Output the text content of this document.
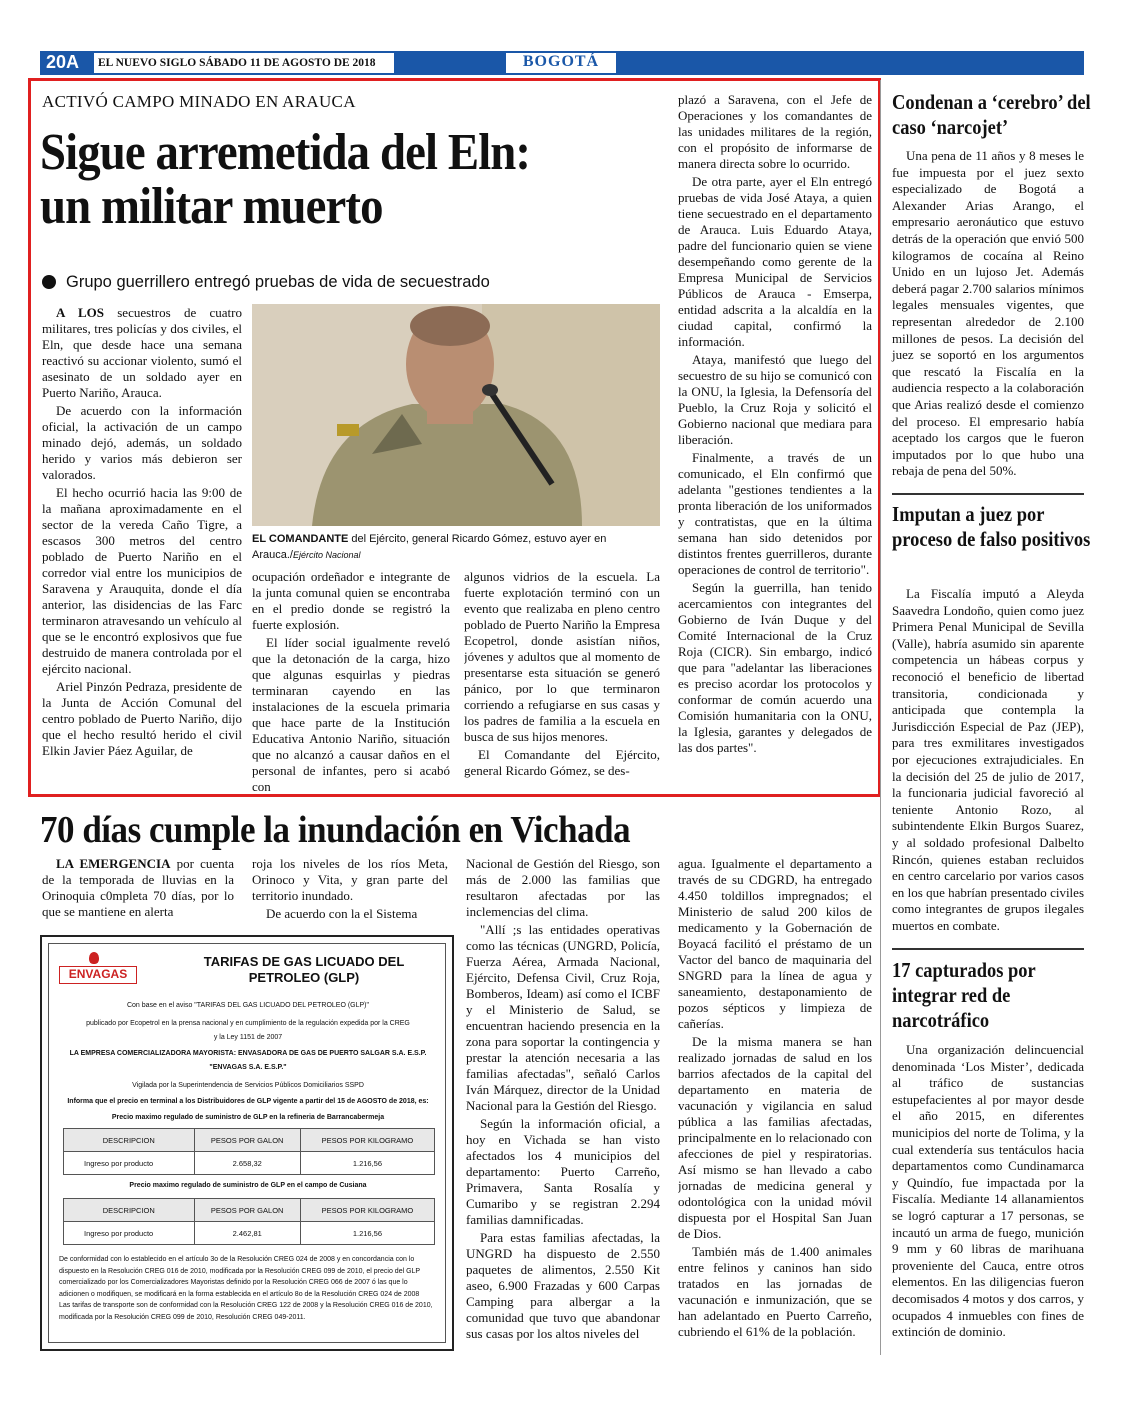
20A EL NUEVO SIGLO SÁBADO 11 DE AGOSTO DE 2018	BOGOTÁ
ACTIVÓ CAMPO MINADO EN ARAUCA
Sigue arremetida del Eln:
un militar muerto
Grupo guerrillero entregó pruebas de vida de secuestrado

A LOS secuestros de cuatro militares, tres policías y dos civiles, el Eln, que desde hace una semana reactivó su accionar violento, sumó el asesinato de un soldado ayer en Puerto Nariño, Arauca.

De acuerdo con la información oficial, la activación de un campo minado dejó, además, un soldado herido y varios más debieron ser valorados.

El hecho ocurrió hacia las 9:00 de la mañana aproximadamente en el sector de la vereda Caño Tigre, a escasos 300 metros del centro poblado de Puerto Nariño en el corredor vial entre los municipios de Saravena y Arauquita, donde el día anterior, las disidencias de las Farc terminaron atravesando un vehículo al que se le encontró explosivos que fue destruido de manera controlada por el ejército nacional.

Ariel Pinzón Pedraza, presidente de la Junta de Acción Comunal del centro poblado de Puerto Nariño, dijo que el hecho resultó herido el civil Elkin Javier Páez Aguilar, de

EL COMANDANTE del Ejército, general Ricardo Gómez, estuvo ayer en Arauca./Ejército Nacional

ocupación ordeñador e integrante de la junta comunal quien se encontraba en el predio donde se registró la fuerte explosión.

El líder social igualmente reveló que la detonación de la carga, hizo que algunas esquirlas y piedras terminaran cayendo en las instalaciones de la escuela primaria que hace parte de la Institución Educativa Antonio Nariño, situación que no alcanzó a causar daños en el personal de infantes, pero si acabó con

algunos vidrios de la escuela. La fuerte explotación terminó con un evento que realizaba en pleno centro poblado de Puerto Nariño la Empresa Ecopetrol, donde asistían niños, jóvenes y adultos que al momento de presentarse esta situación se generó pánico, por lo que terminaron corriendo a refugiarse en sus casas y los padres de familia a la escuela en busca de sus hijos menores.

El Comandante del Ejército, general Ricardo Gómez, se des-

plazó a Saravena, con el Jefe de Operaciones y los comandantes de las unidades militares de la región, con el propósito de informarse de manera directa sobre lo ocurrido.

De otra parte, ayer el Eln entregó pruebas de vida José Ataya, a quien tiene secuestrado en el departamento de Arauca. Luis Eduardo Ataya, padre del funcionario quien se viene desempeñando como gerente de la Empresa Municipal de Servicios Públicos de Arauca - Emserpa, entidad adscrita a la alcaldía en la ciudad capital, confirmó la información.

Ataya, manifestó que luego del secuestro de su hijo se comunicó con la ONU, la Iglesia, la Defensoría del Pueblo, la Cruz Roja y solicitó el Gobierno nacional que mediara para liberación.

Finalmente, a través de un comunicado, el Eln confirmó que adelanta "gestiones tendientes a la pronta liberación de los uniformados y contratistas, que en la última semana han sido detenidos por distintos frentes guerrilleros, durante operaciones de control de territorio".

Según la guerrilla, han tenido acercamientos con integrantes del Gobierno de Iván Duque y del Comité Internacional de la Cruz Roja (CICR). Sin embargo, indicó que para "adelantar las liberaciones es preciso acordar los protocolos y conformar de común acuerdo una Comisión humanitaria con la ONU, la Iglesia, garantes y delegados de las dos partes".

70 días cumple la inundación en Vichada

LA EMERGENCIA por cuenta de la temporada de lluvias en la Orinoquia c0mpleta 70 días, por lo que se mantiene en alerta

roja los niveles de los ríos Meta, Orinoco y Vita, y gran parte del territorio inundado.

De acuerdo con la el Sistema

Nacional de Gestión del Riesgo, son más de 2.000 las familias que resultaron afectadas por las inclemencias del clima.

"Allí ;s las entidades operativas como las técnicas (UNGRD, Policía, Fuerza Aérea, Armada Nacional, Ejército, Defensa Civil, Cruz Roja, Bomberos, Ideam) así como el ICBF y el Ministerio de Salud, se encuentran haciendo presencia en la zona para soportar la contingencia y prestar la atención necesaria a las familias afectadas", señaló Carlos Iván Márquez, director de la Unidad Nacional para la Gestión del Riesgo.

Según la información oficial, a hoy en Vichada se han visto afectados los 4 municipios del departamento: Puerto Carreño, Primavera, Santa Rosalía y Cumaribo y se registran 2.294 familias damnificadas.

Para estas familias afectadas, la UNGRD ha dispuesto de 2.550 paquetes de alimentos, 2.550 Kit aseo, 6.900 Frazadas y 600 Carpas Camping para albergar a la comunidad que tuvo que abandonar sus casas por los altos niveles del

agua. Igualmente el departamento a través de su CDGRD, ha entregado 4.450 toldillos impregnados; el Ministerio de salud 200 kilos de medicamento y la Gobernación de Boyacá facilitó el préstamo de un Vactor del banco de maquinaria del SNGRD para la línea de agua y saneamiento, destaponamiento de pozos sépticos y limpieza de cañerías.

De la misma manera se han realizado jornadas de salud en los barrios afectados de la capital del departamento en materia de vacunación y vigilancia en salud pública a las familias afectadas, principalmente en lo relacionado con afecciones de piel y respiratorias. Así mismo se han llevado a cabo jornadas de medicina general y odontológica con la unidad móvil dispuesta por el Hospital San Juan de Dios.

También más de 1.400 animales entre felinos y caninos han sido tratados en las jornadas de vacunación e inmunización, que se han adelantado en Puerto Carreño, cubriendo el 61% de la población.

ENVAGAS
TARIFAS DE GAS LICUADO DEL PETROLEO (GLP)
Con base en el aviso "TARIFAS DEL GAS LICUADO DEL PETROLEO (GLP)"
publicado por Ecopetrol en la prensa nacional y en cumplimiento de la regulación expedida por la CREG
y la Ley 1151 de 2007
LA EMPRESA COMERCIALIZADORA MAYORISTA: ENVASADORA DE GAS DE PUERTO SALGAR S.A. E.S.P.
"ENVAGAS S.A. E.S.P."
Vigilada por la Superintendencia de Servicios Públicos Domiciliarios SSPD
Informa que el precio en terminal a los Distribuidores de GLP vigente a partir del 15 de AGOSTO de 2018, es:
Precio maximo regulado de suministro de GLP en la refineria de Barrancabermeja
DESCRIPCION	PESOS POR GALON	PESOS POR KILOGRAMO
Ingreso por producto	2.658,32	1.216,56
Precio maximo regulado de suministro de GLP en el campo de Cusiana
DESCRIPCION	PESOS POR GALON	PESOS POR KILOGRAMO
Ingreso por producto	2.462,81	1.216,56
De conformidad con lo establecido en el artículo 3o de la Resolución CREG 024 de 2008 y en concordancia con lo dispuesto en la Resolución CREG 016 de 2010, modificada por la Resolución CREG 099 de 2010, el precio del GLP comercializado por los Comercializadores Mayoristas definido por la Resolución CREG 066 de 2007 ó las que lo adicionen o modifiquen, se modificará en la forma establecida en el artículo 8o de la Resolución CREG 024 de 2008
Las tarifas de transporte son de conformidad con la Resolución CREG 122 de 2008 y la Resolución CREG 016 de 2010, modificada por la Resolución CREG 099 de 2010, Resolución CREG 049-2011.
Condenan a ‘cerebro’ del caso ‘narcojet’

Una pena de 11 años y 8 meses le fue impuesta por el juez sexto especializado de Bogotá a Alexander Arias Arango, el empresario aeronáutico que estuvo detrás de la operación que envió 500 kilogramos de cocaína al Reino Unido en un lujoso Jet. Además deberá pagar 2.700 salarios mínimos legales mensuales vigentes, que representan alrededor de 2.100 millones de pesos. La decisión del juez se soportó en los argumentos que rescató la Fiscalía en la audiencia respecto a la colaboración que Arias realizó desde el comienzo del proceso. El empresario había aceptado los cargos que le fueron imputados por lo que hubo una rebaja de pena del 50%.

Imputan a juez por proceso de falso positivos

La Fiscalía imputó a Aleyda Saavedra Londoño, quien como juez Primera Penal Municipal de Sevilla (Valle), habría asumido sin aparente competencia un hábeas corpus y reconoció el beneficio de libertad transitoria, condicionada y anticipada que contempla la Jurisdicción Especial de Paz (JEP), para tres exmilitares investigados por ejecuciones extrajudiciales. En la decisión del 25 de julio de 2017, la funcionaria judicial favoreció al teniente Antonio Rozo, al subintendente Elkin Burgos Suarez, y al soldado profesional Dalbelto Rincón, quienes estaban recluidos en centro carcelario por varios casos en los que habrían presentado civiles como integrantes de grupos ilegales muertos en combate.

17 capturados por integrar red de narcotráfico

Una organización delincuencial denominada ‘Los Mister’, dedicada al tráfico de sustancias estupefacientes al por mayor desde el año 2015, en diferentes municipios del norte de Tolima, y la cual extendería sus tentáculos hacia departamentos como Cundinamarca y Quindío, fue impactada por la Fiscalía. Mediante 14 allanamientos se logró capturar a 17 personas, se incautó un arma de fuego, munición 9 mm y 60 libras de marihuana proveniente del Cauca, entre otros elementos. En las diligencias fueron decomisados 4 motos y dos carros, y ocupados 4 inmuebles con fines de extinción de dominio.
